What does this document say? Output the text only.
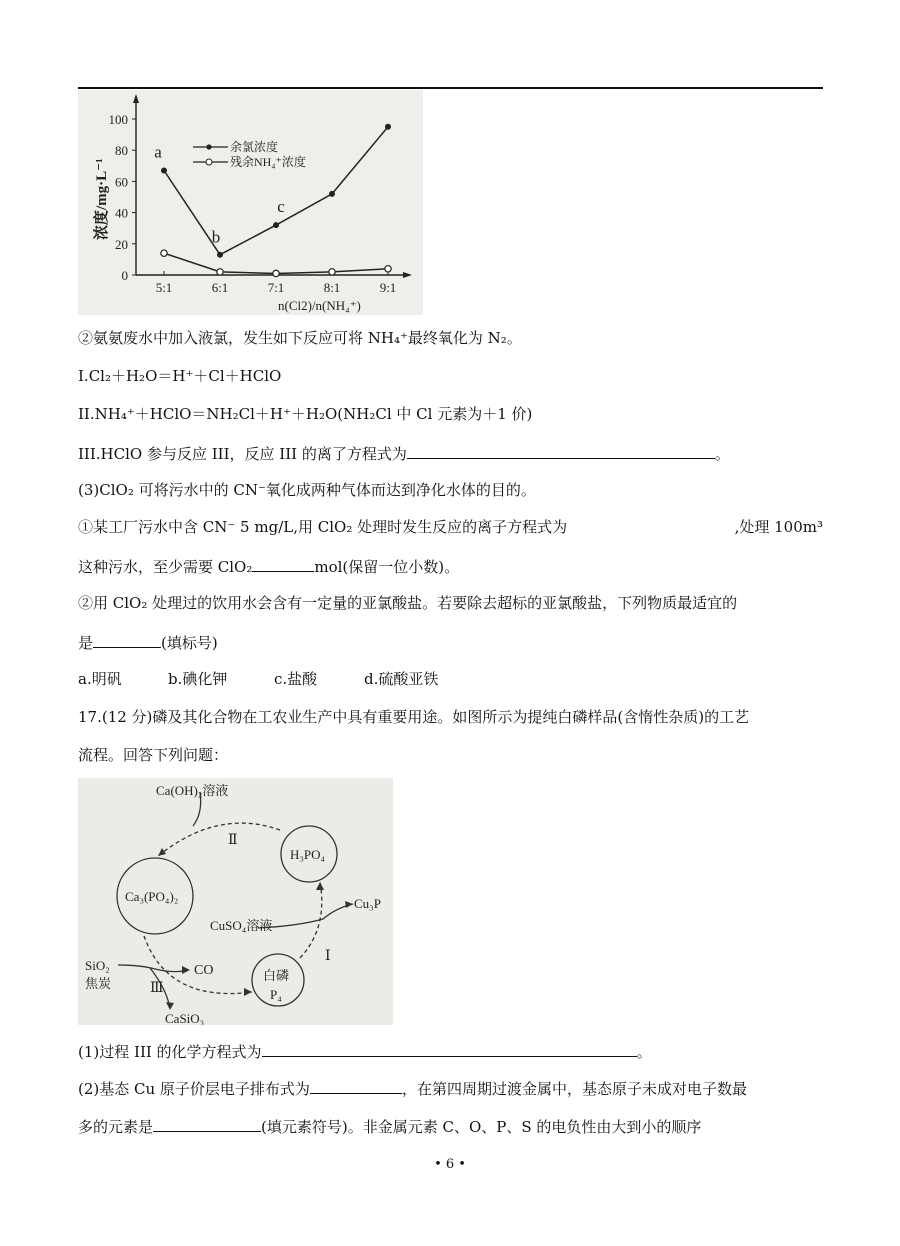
浓度/mg·L⁻¹
n(Cl2)/n(NH₄⁺)
余氯浓度
残余NH₄⁺浓度
0
20
40
60
80
100
5:1	6:1	7:1	8:1	9:1
a
b
c
②氨氨废水中加入液氯，发生如下反应可将 NH₄⁺最终氧化为 N₂。
I.Cl₂＋H₂O＝H⁺＋Cl＋HClO
II.NH₄⁺＋HClO＝NH₂Cl＋H⁺＋H₂O(NH₂Cl 中 Cl 元素为＋1 价)
III.HClO 参与反应 III，反应 III 的离了方程式为	。
(3)ClO₂ 可将污水中的 CN⁻氧化成两种气体而达到净化水体的目的。
①某工厂污水中含 CN⁻ 5 mg/L,用 ClO₂ 处理时发生反应的离子方程式为	,处理 100m³
这种污水，至少需要 ClO₂	mol(保留一位小数)。
②用 ClO₂ 处理过的饮用水会含有一定量的亚氯酸盐。若要除去超标的亚氯酸盐，下列物质最适宜的
是	(填标号)
a.明矾	b.碘化钾	c.盐酸	d.硫酸亚铁
17.(12 分)磷及其化合物在工农业生产中具有重要用途。如图所示为提纯白磷样品(含惰性杂质)的工艺
流程。回答下列问题：
Ca(OH)₂溶液
H₃PO₄
Ca₃(PO₄)₂	Cu₃P
CuSO₄溶液
SiO₂
焦炭
CO
CaSiO₃
白磷
P₄
Ⅰ
Ⅱ
Ⅲ
(1)过程 III 的化学方程式为	。
(2)基态 Cu 原子价层电子排布式为	，在第四周期过渡金属中，基态原子未成对电子数最
多的元素是	(填元素符号)。非金属元素 C、O、P、S 的电负性由大到小的顺序
• 6 •
